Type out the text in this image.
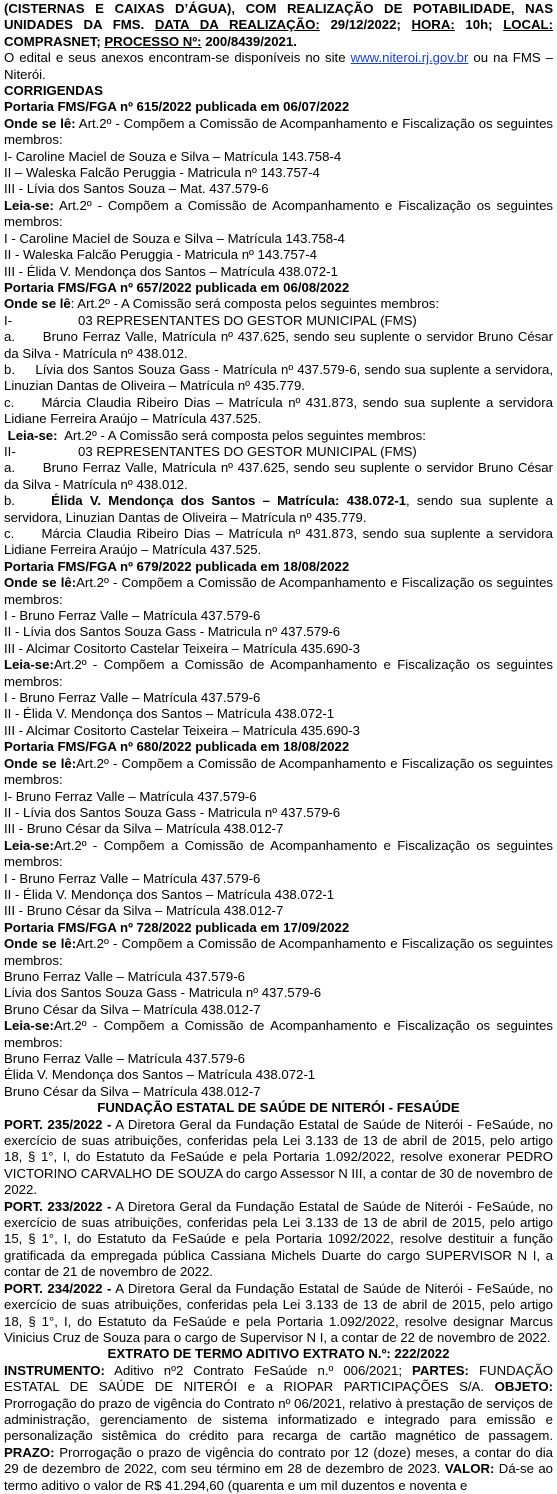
(CISTERNAS E CAIXAS D’ÁGUA), COM REALIZAÇÃO DE POTABILIDADE, NAS UNIDADES DA FMS. DATA DA REALIZAÇÃO: 29/12/2022; HORA: 10h; LOCAL: COMPRASNET; PROCESSO Nº: 200/8439/2021.

O edital e seus anexos encontram-se disponíveis no site www.niteroi.rj.gov.br ou na FMS – Niterói.

CORRIGENDAS

Portaria FMS/FGA nº 615/2022 publicada em 06/07/2022

Onde se lê: Art.2º - Compõem a Comissão de Acompanhamento e Fiscalização os seguintes membros:

I- Caroline Maciel de Souza e Silva – Matrícula 143.758-4

II – Waleska Falcão Peruggia - Matricula nº 143.757-4

III - Lívia dos Santos Souza – Mat. 437.579-6

Leia-se: Art.2º - Compõem a Comissão de Acompanhamento e Fiscalização os seguintes membros:

I - Caroline Maciel de Souza e Silva – Matrícula 143.758-4

II - Waleska Falcão Peruggia - Matricula nº 143.757-4

III - Élida V. Mendonça dos Santos – Matrícula 438.072-1

Portaria FMS/FGA nº 657/2022 publicada em 06/08/2022

Onde se lê: Art.2º - A Comissão será composta pelos seguintes membros:

I-	03 REPRESENTANTES DO GESTOR MUNICIPAL (FMS)

a.      Bruno Ferraz Valle, Matrícula nº 437.625, sendo seu suplente o servidor Bruno César da Silva - Matrícula nº 438.012.

b.     Lívia dos Santos Souza Gass - Matrícula nº 437.579-6, sendo sua suplente a servidora, Linuzian Dantas de Oliveira – Matrícula nº 435.779.

c.     Márcia Claudia Ribeiro Dias – Matrícula nº 431.873, sendo sua suplente a servidora Lidiane Ferreira Araújo – Matrícula 437.525.

Leia-se: Art.2º - A Comissão será composta pelos seguintes membros:

II-	03 REPRESENTANTES DO GESTOR MUNICIPAL (FMS)

a.      Bruno Ferraz Valle, Matrícula nº 437.625, sendo seu suplente o servidor Bruno César da Silva - Matrícula nº 438.012.

b.     Élida V. Mendonça dos Santos – Matrícula: 438.072-1, sendo sua suplente a servidora, Linuzian Dantas de Oliveira – Matrícula nº 435.779.

c.     Márcia Claudia Ribeiro Dias – Matrícula nº 431.873, sendo sua suplente a servidora Lidiane Ferreira Araújo – Matrícula 437.525.

Portaria FMS/FGA nº 679/2022 publicada em 18/08/2022

Onde se lê:Art.2º - Compõem a Comissão de Acompanhamento e Fiscalização os seguintes membros:

I - Bruno Ferraz Valle – Matrícula 437.579-6

II - Lívia dos Santos Souza Gass - Matricula nº 437.579-6

III - Alcimar Cositorto Castelar Teixeira – Matrícula 435.690-3

Leia-se:Art.2º - Compõem a Comissão de Acompanhamento e Fiscalização os seguintes membros:

I - Bruno Ferraz Valle – Matrícula 437.579-6

II - Élida V. Mendonça dos Santos – Matrícula 438.072-1

III - Alcimar Cositorto Castelar Teixeira – Matrícula 435.690-3

Portaria FMS/FGA nº 680/2022 publicada em 18/08/2022

Onde se lê:Art.2º - Compõem a Comissão de Acompanhamento e Fiscalização os seguintes membros:

I- Bruno Ferraz Valle – Matrícula 437.579-6

II - Lívia dos Santos Souza Gass - Matricula nº 437.579-6

III - Bruno César da Silva – Matrícula 438.012-7

Leia-se:Art.2º - Compõem a Comissão de Acompanhamento e Fiscalização os seguintes membros:

I - Bruno Ferraz Valle – Matrícula 437.579-6

II - Élida V. Mendonça dos Santos – Matrícula 438.072-1

III - Bruno César da Silva – Matrícula 438.012-7

Portaria FMS/FGA nº 728/2022 publicada em 17/09/2022

Onde se lê:Art.2º - Compõem a Comissão de Acompanhamento e Fiscalização os seguintes membros:

Bruno Ferraz Valle – Matrícula 437.579-6

Lívia dos Santos Souza Gass - Matricula nº 437.579-6

Bruno César da Silva – Matrícula 438.012-7

Leia-se:Art.2º - Compõem a Comissão de Acompanhamento e Fiscalização os seguintes membros:

Bruno Ferraz Valle – Matrícula 437.579-6

Élida V. Mendonça dos Santos – Matrícula 438.072-1

Bruno César da Silva – Matrícula 438.012-7

FUNDAÇÃO ESTATAL DE SAÚDE DE NITERÓI - FESAÚDE

PORT. 235/2022 - A Diretora Geral da Fundação Estatal de Saúde de Niterói - FeSaúde, no exercício de suas atribuições, conferidas pela Lei 3.133 de 13 de abril de 2015, pelo artigo 18, § 1°, I, do Estatuto da FeSaúde e pela Portaria 1.092/2022, resolve exonerar PEDRO VICTORINO CARVALHO DE SOUZA do cargo Assessor N III, a contar de 30 de novembro de 2022.

PORT. 233/2022 - A Diretora Geral da Fundação Estatal de Saúde de Niterói - FeSaúde, no exercício de suas atribuições, conferidas pela Lei 3.133 de 13 de abril de 2015, pelo artigo 15, § 1°, I, do Estatuto da FeSaúde e pela Portaria 1092/2022, resolve destituir a função gratificada da empregada pública Cassiana Michels Duarte do cargo SUPERVISOR N I, a contar de 21 de novembro de 2022.

PORT. 234/2022 - A Diretora Geral da Fundação Estatal de Saúde de Niterói - FeSaúde, no exercício de suas atribuições, conferidas pela Lei 3.133 de 13 de abril de 2015, pelo artigo 18, § 1°, I, do Estatuto da FeSaúde e pela Portaria 1.092/2022, resolve designar Marcus Vinicius Cruz de Souza para o cargo de Supervisor N I, a contar de 22 de novembro de 2022.

EXTRATO DE TERMO ADITIVO EXTRATO N.º: 222/2022

INSTRUMENTO: Aditivo nº2 Contrato FeSaúde n.º 006/2021; PARTES: FUNDAÇÃO ESTATAL DE SAÚDE DE NITERÓI e a RIOPAR PARTICIPAÇÕES S/A. OBJETO: Prorrogação do prazo de vigência do Contrato nº 06/2021, relativo à prestação de serviços de administração, gerenciamento de sistema informatizado e integrado para emissão e personalização sistêmica do crédito para recarga de cartão magnético de passagem. PRAZO: Prorrogação o prazo de vigência do contrato por 12 (doze) meses, a contar do dia 29 de dezembro de 2022, com seu término em 28 de dezembro de 2023. VALOR: Dá-se ao termo aditivo o valor de R$ 41.294,60 (quarenta e um mil duzentos e noventa e
